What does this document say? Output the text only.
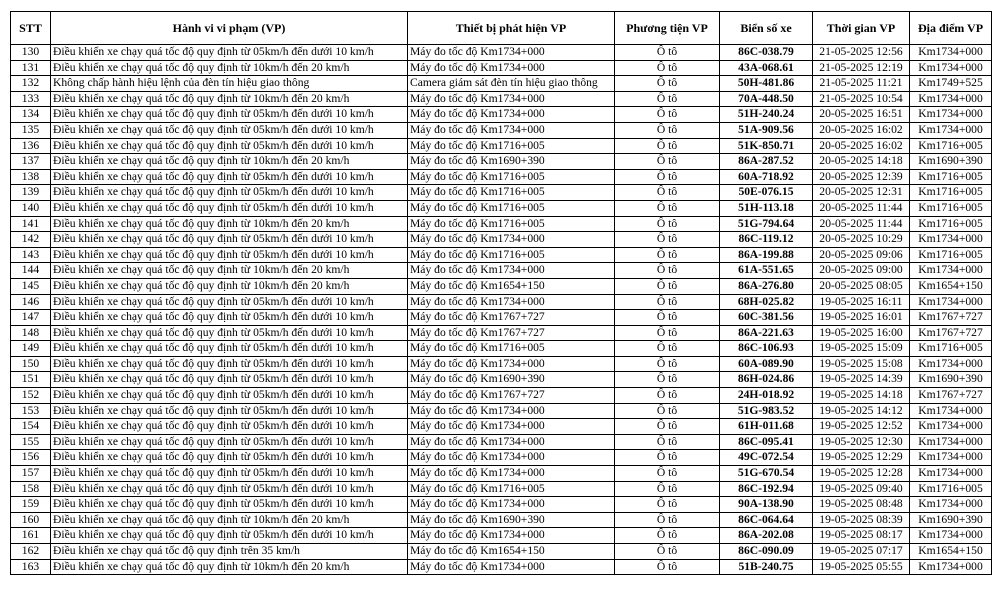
STT	Hành vi vi phạm (VP)	Thiết bị phát hiện VP	Phương tiện VP	Biển số xe	Thời gian VP	Địa điểm VP
130	Điều khiển xe chạy quá tốc độ quy định từ 05km/h đến dưới 10 km/h	Máy đo tốc độ Km1734+000	Ô tô	86C-038.79	21-05-2025 12:56	Km1734+000
131	Điều khiển xe chạy quá tốc độ quy định từ 10km/h đến 20 km/h	Máy đo tốc độ Km1734+000	Ô tô	43A-068.61	21-05-2025 12:19	Km1734+000
132	Không chấp hành hiệu lệnh của đèn tín hiệu giao thông	Camera giám sát đèn tín hiệu giao thông	Ô tô	50H-481.86	21-05-2025 11:21	Km1749+525
133	Điều khiển xe chạy quá tốc độ quy định từ 10km/h đến 20 km/h	Máy đo tốc độ Km1734+000	Ô tô	70A-448.50	21-05-2025 10:54	Km1734+000
134	Điều khiển xe chạy quá tốc độ quy định từ 05km/h đến dưới 10 km/h	Máy đo tốc độ Km1734+000	Ô tô	51H-240.24	20-05-2025 16:51	Km1734+000
135	Điều khiển xe chạy quá tốc độ quy định từ 05km/h đến dưới 10 km/h	Máy đo tốc độ Km1734+000	Ô tô	51A-909.56	20-05-2025 16:02	Km1734+000
136	Điều khiển xe chạy quá tốc độ quy định từ 05km/h đến dưới 10 km/h	Máy đo tốc độ Km1716+005	Ô tô	51K-850.71	20-05-2025 16:02	Km1716+005
137	Điều khiển xe chạy quá tốc độ quy định từ 10km/h đến 20 km/h	Máy đo tốc độ Km1690+390	Ô tô	86A-287.52	20-05-2025 14:18	Km1690+390
138	Điều khiển xe chạy quá tốc độ quy định từ 05km/h đến dưới 10 km/h	Máy đo tốc độ Km1716+005	Ô tô	60A-718.92	20-05-2025 12:39	Km1716+005
139	Điều khiển xe chạy quá tốc độ quy định từ 05km/h đến dưới 10 km/h	Máy đo tốc độ Km1716+005	Ô tô	50E-076.15	20-05-2025 12:31	Km1716+005
140	Điều khiển xe chạy quá tốc độ quy định từ 05km/h đến dưới 10 km/h	Máy đo tốc độ Km1716+005	Ô tô	51H-113.18	20-05-2025 11:44	Km1716+005
141	Điều khiển xe chạy quá tốc độ quy định từ 10km/h đến 20 km/h	Máy đo tốc độ Km1716+005	Ô tô	51G-794.64	20-05-2025 11:44	Km1716+005
142	Điều khiển xe chạy quá tốc độ quy định từ 05km/h đến dưới 10 km/h	Máy đo tốc độ Km1734+000	Ô tô	86C-119.12	20-05-2025 10:29	Km1734+000
143	Điều khiển xe chạy quá tốc độ quy định từ 05km/h đến dưới 10 km/h	Máy đo tốc độ Km1716+005	Ô tô	86A-199.88	20-05-2025 09:06	Km1716+005
144	Điều khiển xe chạy quá tốc độ quy định từ 10km/h đến 20 km/h	Máy đo tốc độ Km1734+000	Ô tô	61A-551.65	20-05-2025 09:00	Km1734+000
145	Điều khiển xe chạy quá tốc độ quy định từ 10km/h đến 20 km/h	Máy đo tốc độ Km1654+150	Ô tô	86A-276.80	20-05-2025 08:05	Km1654+150
146	Điều khiển xe chạy quá tốc độ quy định từ 05km/h đến dưới 10 km/h	Máy đo tốc độ Km1734+000	Ô tô	68H-025.82	19-05-2025 16:11	Km1734+000
147	Điều khiển xe chạy quá tốc độ quy định từ 05km/h đến dưới 10 km/h	Máy đo tốc độ Km1767+727	Ô tô	60C-381.56	19-05-2025 16:01	Km1767+727
148	Điều khiển xe chạy quá tốc độ quy định từ 05km/h đến dưới 10 km/h	Máy đo tốc độ Km1767+727	Ô tô	86A-221.63	19-05-2025 16:00	Km1767+727
149	Điều khiển xe chạy quá tốc độ quy định từ 05km/h đến dưới 10 km/h	Máy đo tốc độ Km1716+005	Ô tô	86C-106.93	19-05-2025 15:09	Km1716+005
150	Điều khiển xe chạy quá tốc độ quy định từ 05km/h đến dưới 10 km/h	Máy đo tốc độ Km1734+000	Ô tô	60A-089.90	19-05-2025 15:08	Km1734+000
151	Điều khiển xe chạy quá tốc độ quy định từ 05km/h đến dưới 10 km/h	Máy đo tốc độ Km1690+390	Ô tô	86H-024.86	19-05-2025 14:39	Km1690+390
152	Điều khiển xe chạy quá tốc độ quy định từ 05km/h đến dưới 10 km/h	Máy đo tốc độ Km1767+727	Ô tô	24H-018.92	19-05-2025 14:18	Km1767+727
153	Điều khiển xe chạy quá tốc độ quy định từ 05km/h đến dưới 10 km/h	Máy đo tốc độ Km1734+000	Ô tô	51G-983.52	19-05-2025 14:12	Km1734+000
154	Điều khiển xe chạy quá tốc độ quy định từ 05km/h đến dưới 10 km/h	Máy đo tốc độ Km1734+000	Ô tô	61H-011.68	19-05-2025 12:52	Km1734+000
155	Điều khiển xe chạy quá tốc độ quy định từ 05km/h đến dưới 10 km/h	Máy đo tốc độ Km1734+000	Ô tô	86C-095.41	19-05-2025 12:30	Km1734+000
156	Điều khiển xe chạy quá tốc độ quy định từ 05km/h đến dưới 10 km/h	Máy đo tốc độ Km1734+000	Ô tô	49C-072.54	19-05-2025 12:29	Km1734+000
157	Điều khiển xe chạy quá tốc độ quy định từ 05km/h đến dưới 10 km/h	Máy đo tốc độ Km1734+000	Ô tô	51G-670.54	19-05-2025 12:28	Km1734+000
158	Điều khiển xe chạy quá tốc độ quy định từ 05km/h đến dưới 10 km/h	Máy đo tốc độ Km1716+005	Ô tô	86C-192.94	19-05-2025 09:40	Km1716+005
159	Điều khiển xe chạy quá tốc độ quy định từ 05km/h đến dưới 10 km/h	Máy đo tốc độ Km1734+000	Ô tô	90A-138.90	19-05-2025 08:48	Km1734+000
160	Điều khiển xe chạy quá tốc độ quy định từ 10km/h đến 20 km/h	Máy đo tốc độ Km1690+390	Ô tô	86C-064.64	19-05-2025 08:39	Km1690+390
161	Điều khiển xe chạy quá tốc độ quy định từ 05km/h đến dưới 10 km/h	Máy đo tốc độ Km1734+000	Ô tô	86A-202.08	19-05-2025 08:17	Km1734+000
162	Điều khiển xe chạy quá tốc độ quy định trên 35 km/h	Máy đo tốc độ Km1654+150	Ô tô	86C-090.09	19-05-2025 07:17	Km1654+150
163	Điều khiển xe chạy quá tốc độ quy định từ 10km/h đến 20 km/h	Máy đo tốc độ Km1734+000	Ô tô	51B-240.75	19-05-2025 05:55	Km1734+000
